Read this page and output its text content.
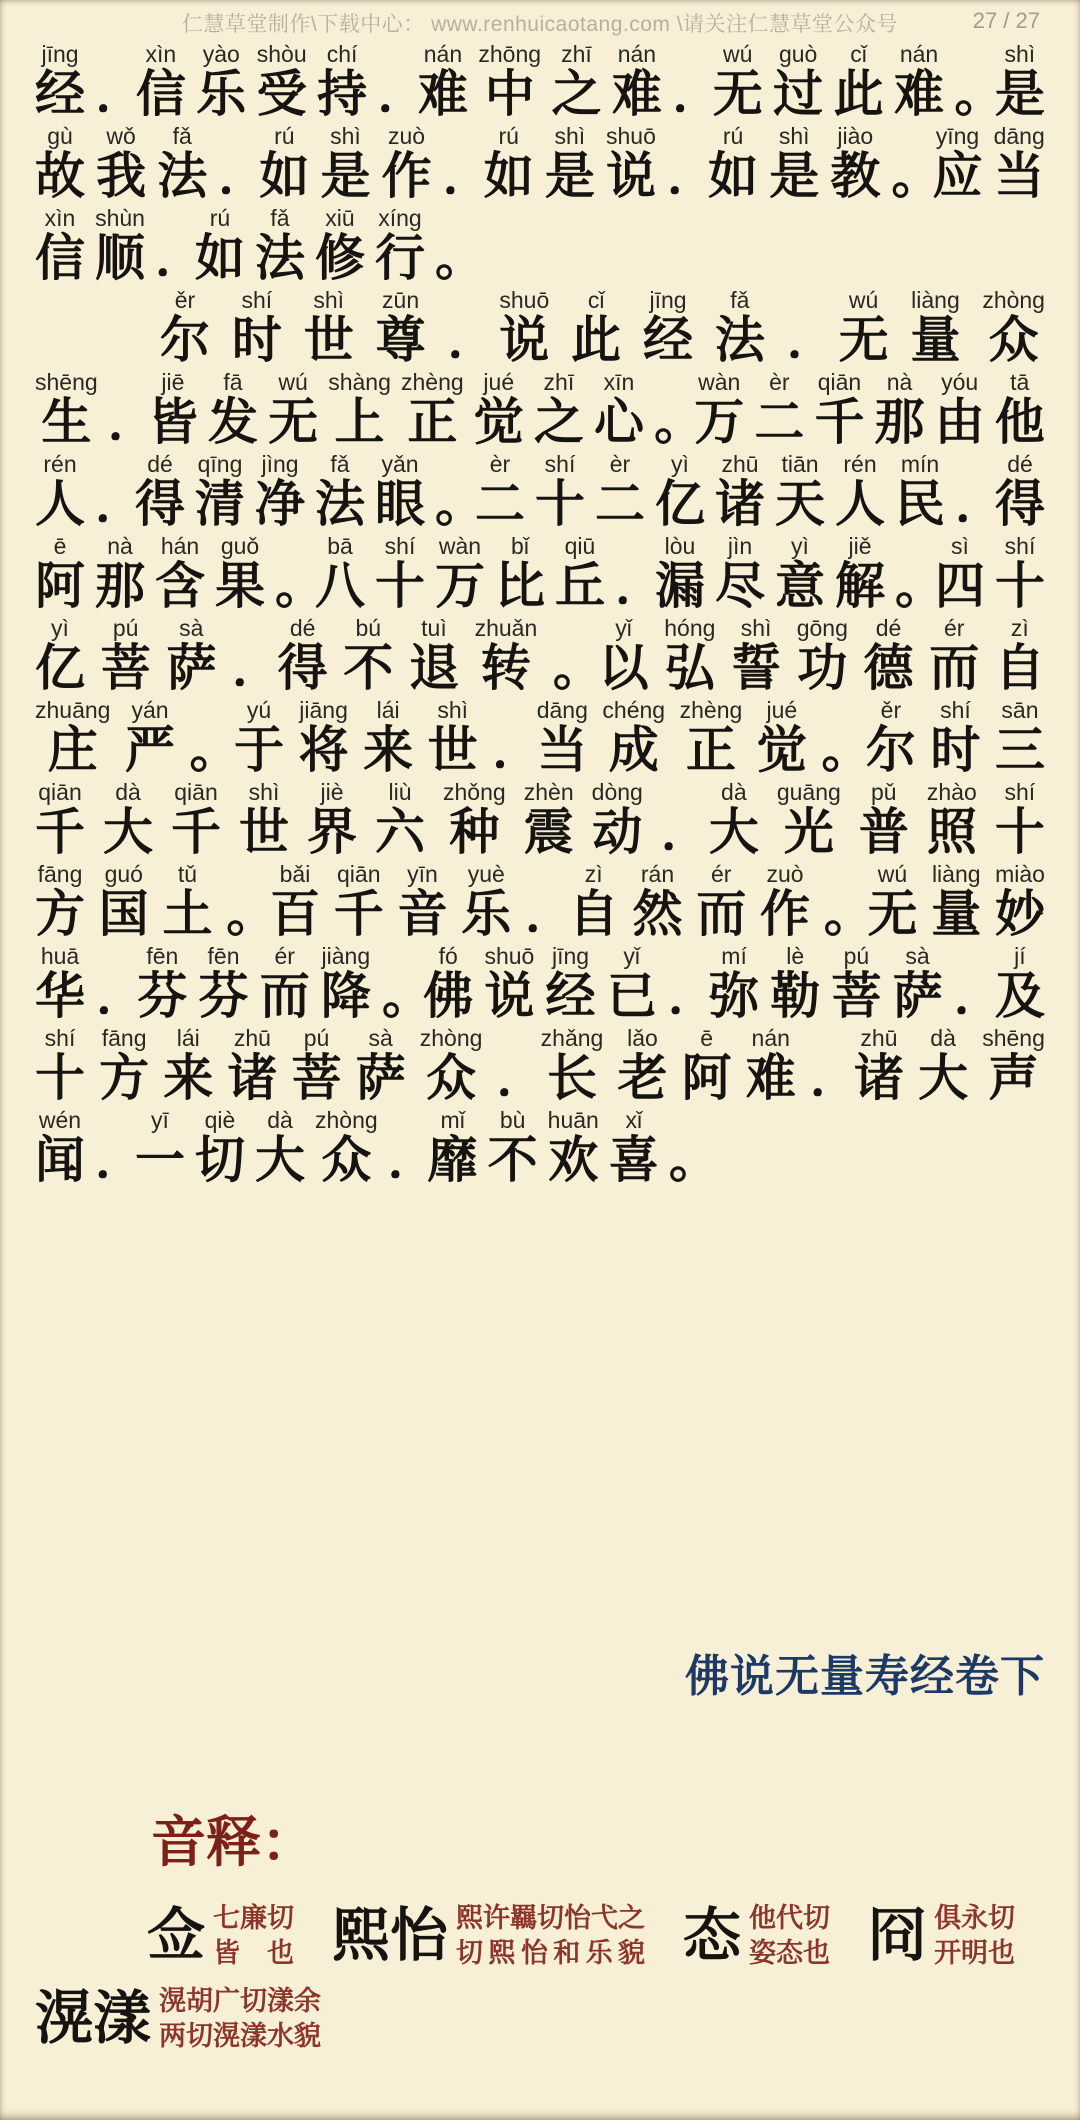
仁慧草堂制作\下载中心： www.renhuicaotang.com \请关注仁慧草堂公众号	27 / 27
jīng
经 ．
xìn
信
yào
乐
shòu
受
chí
持 ．
nán
难
zhōng
中
zhī
之
nán
难 ．
wú
无
guò
过
cǐ
此
nán
难 。
shì
是
gù
故
wǒ
我
fǎ
法 ．
rú
如
shì
是
zuò
作 ．
rú
如
shì
是
shuō
说 ．
rú
如
shì
是
jiào
教 。
yīng
应
dāng
当
xìn
信
shùn
顺 ．
rú
如
fǎ
法
xiū
修
xíng
行 。
ěr
尔
shí
时
shì
世
zūn
尊 ．
shuō
说
cǐ
此
jīng
经
fǎ
法 ．
wú
无
liàng
量
zhòng
众
shēng
生 ．
jiē
皆
fā
发
wú
无
shàng
上
zhèng
正
jué
觉
zhī
之
xīn
心 。
wàn
万
èr
二
qiān
千
nà
那
yóu
由
tā
他
rén
人 ．
dé
得
qīng
清
jìng
净
fǎ
法
yǎn
眼 。
èr
二
shí
十
èr
二
yì
亿
zhū
诸
tiān
天
rén
人
mín
民 ．
dé
得
ē
阿
nà
那
hán
含
guǒ
果 。
bā
八
shí
十
wàn
万
bǐ
比
qiū
丘 ．
lòu
漏
jìn
尽
yì
意
jiě
解 。
sì
四
shí
十
yì
亿
pú
菩
sà
萨 ．
dé
得
bú
不
tuì
退
zhuǎn
转 。
yǐ
以
hóng
弘
shì
誓
gōng
功
dé
德
ér
而
zì
自
zhuāng
庄
yán
严 。
yú
于
jiāng
将
lái
来
shì
世 ．
dāng
当
chéng
成
zhèng
正
jué
觉 。
ěr
尔
shí
时
sān
三
qiān
千
dà
大
qiān
千
shì
世
jiè
界
liù
六
zhǒng
种
zhèn
震
dòng
动 ．
dà
大
guāng
光
pǔ
普
zhào
照
shí
十
fāng
方
guó
国
tǔ
土 。
bǎi
百
qiān
千
yīn
音
yuè
乐 ．
zì
自
rán
然
ér
而
zuò
作 。
wú
无
liàng
量
miào
妙
huā
华 ．
fēn
芬
fēn
芬
ér
而
jiàng
降 。
fó
佛
shuō
说
jīng
经
yǐ
已 ．
mí
弥
lè
勒
pú
菩
sà
萨 ．
jí
及
shí
十
fāng
方
lái
来
zhū
诸
pú
菩
sà
萨
zhòng
众 ．
zhǎng
长
lǎo
老
ē
阿
nán
难 ．
zhū
诸
dà
大
shēng
声
wén
闻 ．
yī
一
qiè
切
dà
大
zhòng
众 ．
mǐ
靡
bù
不
huān
欢
xǐ
喜 。
佛说无量寿经卷下
音释：
佥 七廉切
皆也 熙怡 熙许羈切怡弋之
切熙怡和乐貌 态 他代切
姿态也 冏 俱永切
开明也
滉漾 滉胡广切漾余
两切滉漾水貌
